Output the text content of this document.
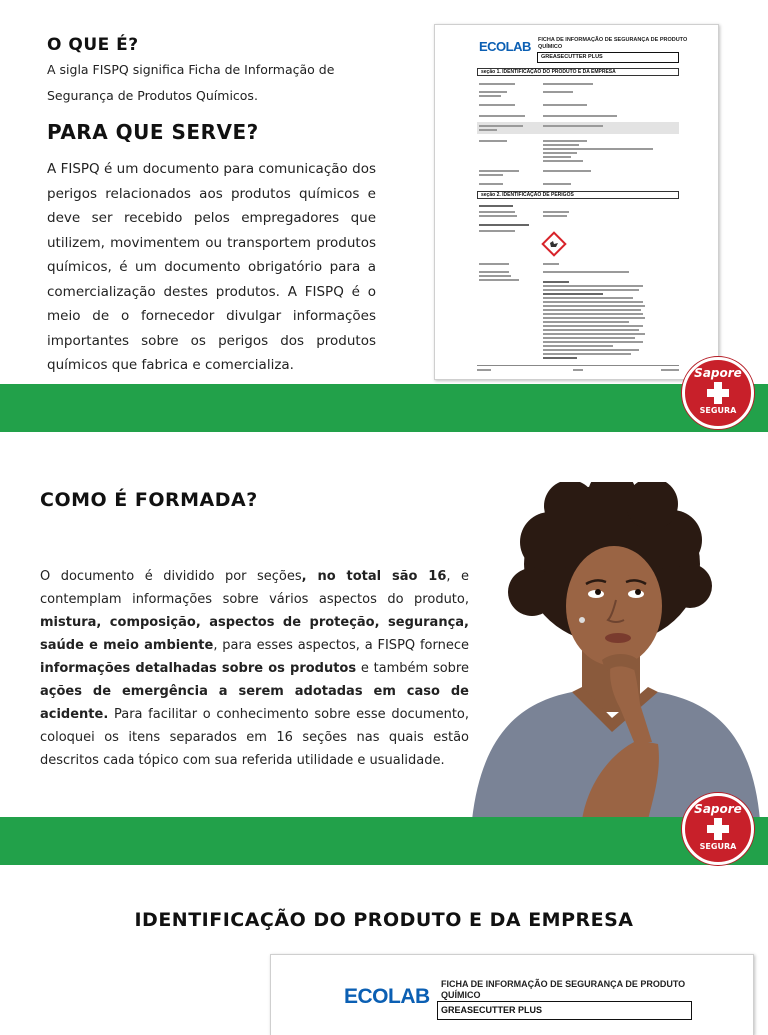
O QUE É?
A sigla FISPQ significa Ficha de Informação de
Segurança de Produtos Químicos.
PARA QUE SERVE?
A FISPQ é um documento para comunicação dos perigos relacionados aos produtos químicos e deve ser recebido pelos empregadores que utilizem, movimentem ou transportem produtos químicos, é um documento obrigatório para a comercialização destes produtos. A FISPQ é o meio de o fornecedor divulgar informações importantes sobre os perigos dos produtos químicos que fabrica e comercializa.
ECOLAB FICHA DE INFORMAÇÃO DE SEGURANÇA DE PRODUTO
QUÍMICO
GREASECUTTER PLUS
seção 1. IDENTIFICAÇÃO DO PRODUTO E DA EMPRESA
seção 2. IDENTIFICAÇÃO DE PERIGOS
Sapore
SEGURA
COMO É FORMADA?
O documento é dividido por seções, no total são 16, e contemplam informações sobre vários aspectos do produto, mistura, composição, aspectos de proteção, segurança, saúde e meio ambiente, para esses aspectos, a FISPQ fornece informações detalhadas sobre os produtos e também sobre ações de emergência a serem adotadas em caso de acidente. Para facilitar o conhecimento sobre esse documento, coloquei os itens separados em 16 seções nas quais estão descritos cada tópico com sua referida utilidade e usualidade.
Sapore
SEGURA
IDENTIFICAÇÃO DO PRODUTO E DA EMPRESA
ECOLAB
FICHA DE INFORMAÇÃO DE SEGURANÇA DE PRODUTO
QUÍMICO
GREASECUTTER PLUS
